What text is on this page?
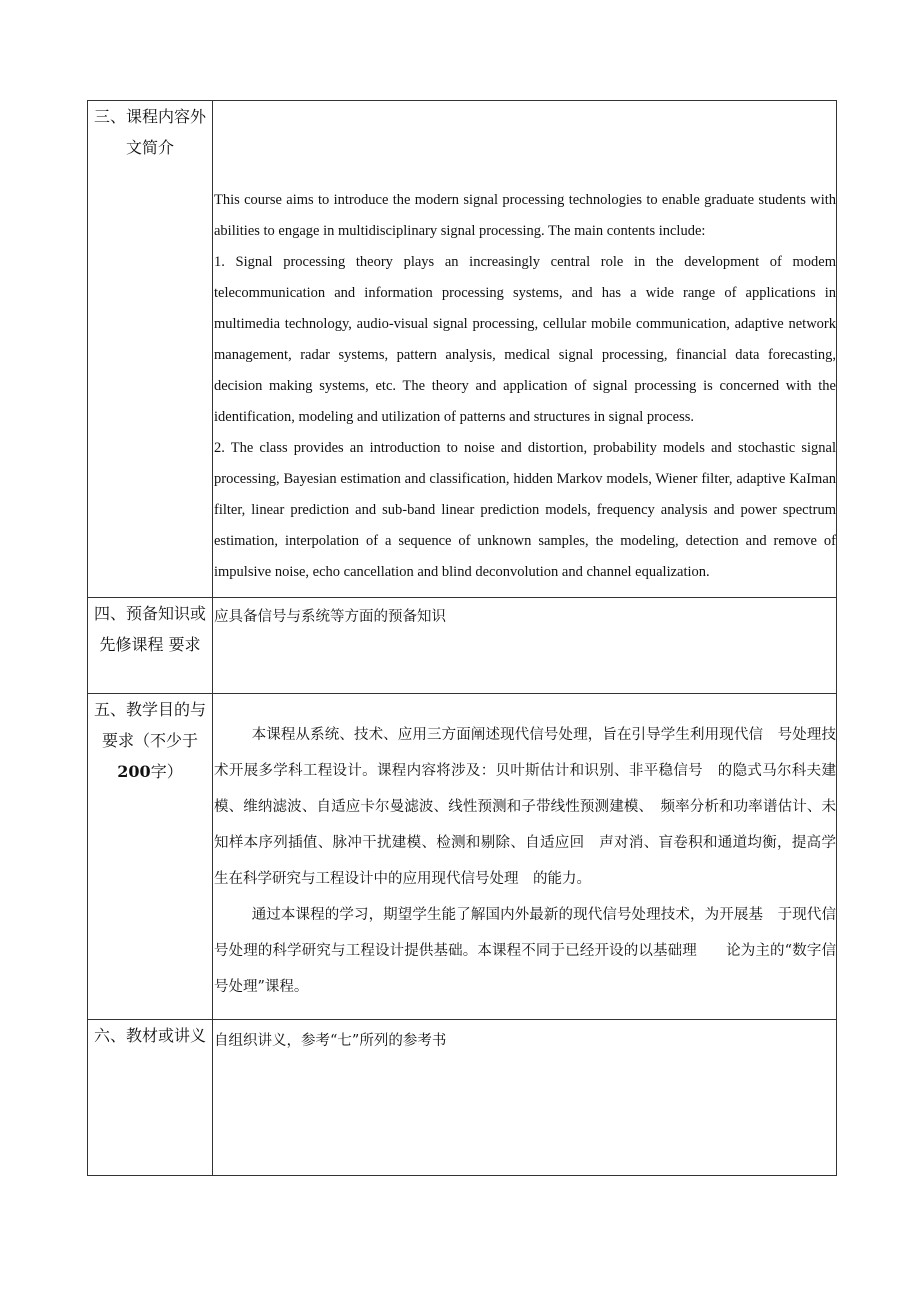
三、课程内容外文简介	This course aims to introduce the modern signal processing technologies to enable graduate students with abilities to engage in multidisciplinary signal processing. The main contents include:

1. Signal processing theory plays an increasingly central role in the development of modem telecommunication and information processing systems, and has a wide range of applications in multimedia technology, audio-visual signal processing, cellular mobile communication, adaptive network management, radar systems, pattern analysis, medical signal processing, financial data forecasting, decision making systems, etc. The theory and application of signal processing is concerned with the identification, modeling and utilization of patterns and structures in signal process.

2. The class provides an introduction to noise and distortion, probability models and stochastic signal processing, Bayesian estimation and classification, hidden Markov models, Wiener filter, adaptive KaIman filter, linear prediction and sub-band linear prediction models, frequency analysis and power spectrum estimation, interpolation of a sequence of unknown samples, the modeling, detection and remove of impulsive noise, echo cancellation and blind deconvolution and channel equalization.

四、预备知识或先修课程 要求	应具备信号与系统等方面的预备知识

五、教学目的与要求（不少于200字）	本课程从系统、技术、应用三方面阐述现代信号处理，旨在引导学生利用现代信　号处理技术开展多学科工程设计。课程内容将涉及：贝叶斯估计和识别、非平稳信号　的隐式马尔科夫建模、维纳滤波、自适应卡尔曼滤波、线性预测和子带线性预测建模、　频率分析和功率谱估计、未知样本序列插值、脉冲干扰建模、检测和剔除、自适应回　声对消、盲卷积和通道均衡，提高学生在科学研究与工程设计中的应用现代信号处理　的能力。

通过本课程的学习，期望学生能了解国内外最新的现代信号处理技术，为开展基　于现代信号处理的科学研究与工程设计提供基础。本课程不同于已经开设的以基础理　　论为主的“数字信号处理”课程。

六、教材或讲义	自组织讲义，参考“七”所列的参考书
